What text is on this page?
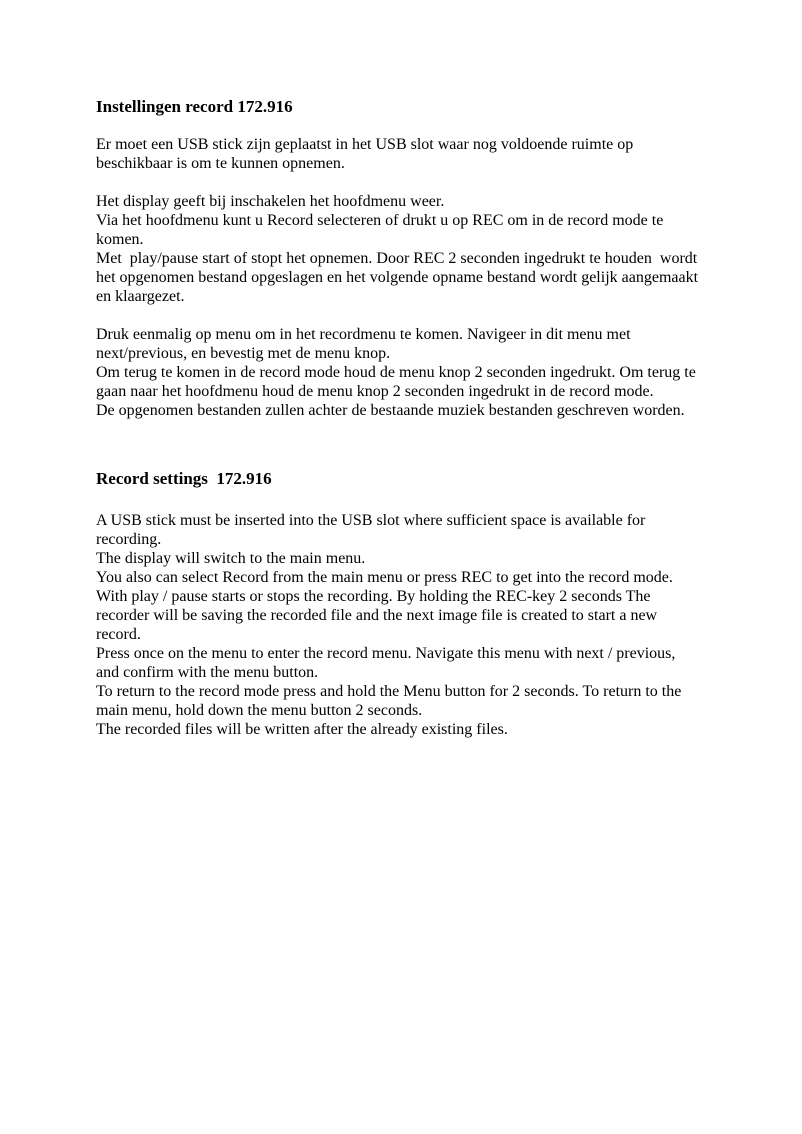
Instellingen record 172.916
Er moet een USB stick zijn geplaatst in het USB slot waar nog voldoende ruimte op
beschikbaar is om te kunnen opnemen.
Het display geeft bij inschakelen het hoofdmenu weer.
Via het hoofdmenu kunt u Record selecteren of drukt u op REC om in de record mode te
komen.
Met  play/pause start of stopt het opnemen. Door REC 2 seconden ingedrukt te houden  wordt
het opgenomen bestand opgeslagen en het volgende opname bestand wordt gelijk aangemaakt
en klaargezet.
Druk eenmalig op menu om in het recordmenu te komen. Navigeer in dit menu met
next/previous, en bevestig met de menu knop.
Om terug te komen in de record mode houd de menu knop 2 seconden ingedrukt. Om terug te
gaan naar het hoofdmenu houd de menu knop 2 seconden ingedrukt in de record mode.
De opgenomen bestanden zullen achter de bestaande muziek bestanden geschreven worden.
Record settings  172.916
A USB stick must be inserted into the USB slot where sufficient space is available for
recording.
The display will switch to the main menu.
You also can select Record from the main menu or press REC to get into the record mode.
With play / pause starts or stops the recording. By holding the REC-key 2 seconds The
recorder will be saving the recorded file and the next image file is created to start a new
record.
Press once on the menu to enter the record menu. Navigate this menu with next / previous,
and confirm with the menu button.
To return to the record mode press and hold the Menu button for 2 seconds. To return to the
main menu, hold down the menu button 2 seconds.
The recorded files will be written after the already existing files.
